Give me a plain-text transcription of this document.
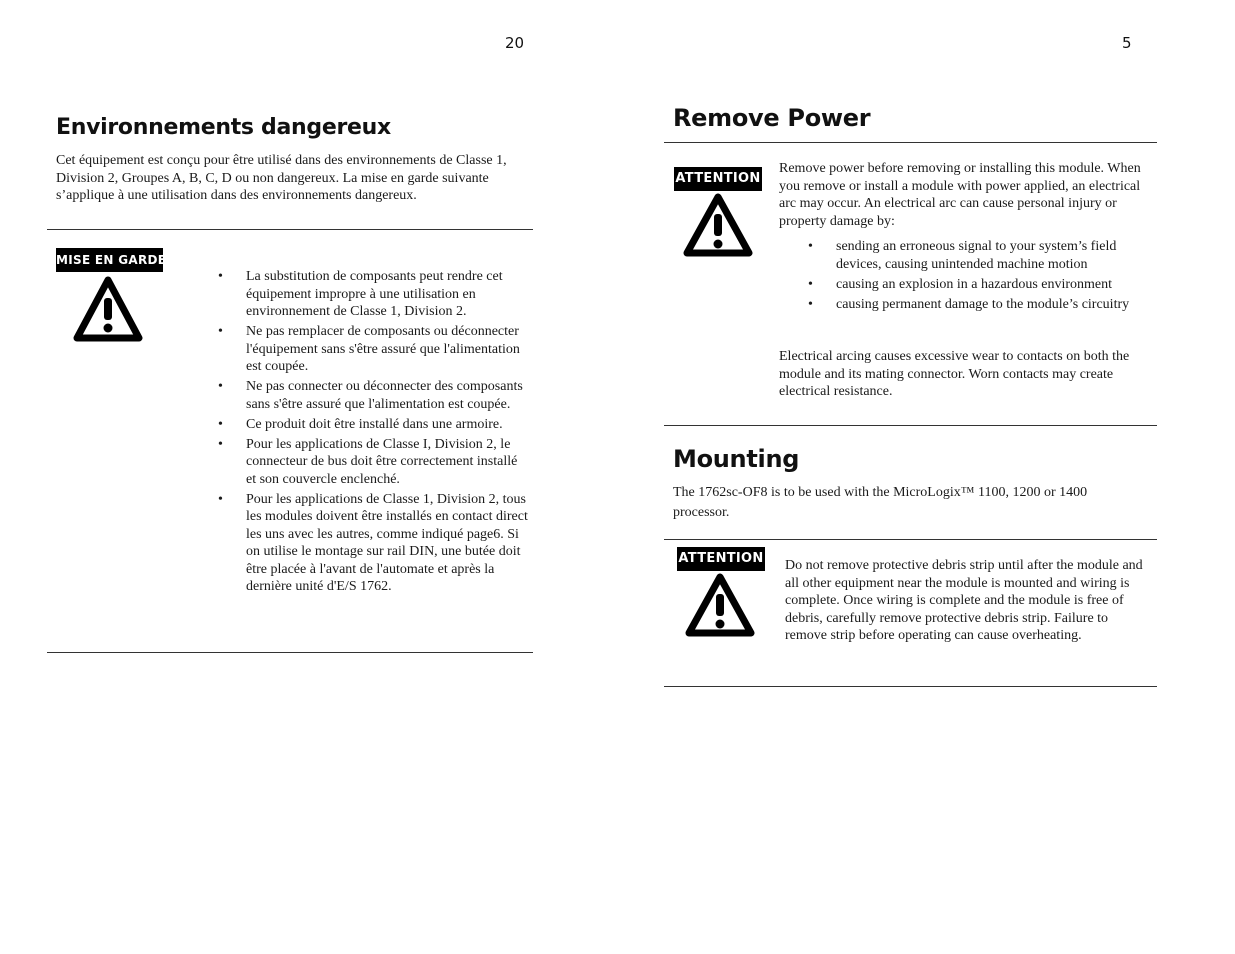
20
Environnements dangereux

Cet équipement est conçu pour être utilisé dans des environnements de Classe 1, Division 2, Groupes A, B, C, D ou non dangereux. La mise en garde suivante s’applique à une utilisation dans des environnements dangereux.

MISE EN GARDE
• La substitution de composants peut rendre cet équipement impropre à une utilisation en environnement de Classe 1, Division 2.
• Ne pas remplacer de composants ou déconnecter l'équipement sans s'être assuré que l'alimentation est coupée.
• Ne pas connecter ou déconnecter des composants sans s'être assuré que l'alimentation est coupée.
• Ce produit doit être installé dans une armoire.
• Pour les applications de Classe I, Division 2, le connecteur de bus doit être correctement installé et son couvercle enclenché.
• Pour les applications de Classe 1, Division 2, tous les modules doivent être installés en contact direct les uns avec les autres, comme indiqué page6. Si on utilise le montage sur rail DIN, une butée doit être placée à l'avant de l'automate et après la dernière unité d'E/S 1762.
5
Remove Power
ATTENTION

Remove power before removing or installing this module. When you remove or install a module with power applied, an electrical arc may occur. An electrical arc can cause personal injury or property damage by:

• sending an erroneous signal to your system’s field devices, causing unintended machine motion
• causing an explosion in a hazardous environment
• causing permanent damage to the module’s circuitry

Electrical arcing causes excessive wear to contacts on both the module and its mating connector. Worn contacts may create electrical resistance.

Mounting

The 1762sc-OF8 is to be used with the MicroLogix™ 1100, 1200 or 1400 processor.

ATTENTION Do not remove protective debris strip until after the module and all other equipment near the module is mounted and wiring is complete. Once wiring is complete and the module is free of debris, carefully remove protective debris strip. Failure to remove strip before operating can cause overheating.
